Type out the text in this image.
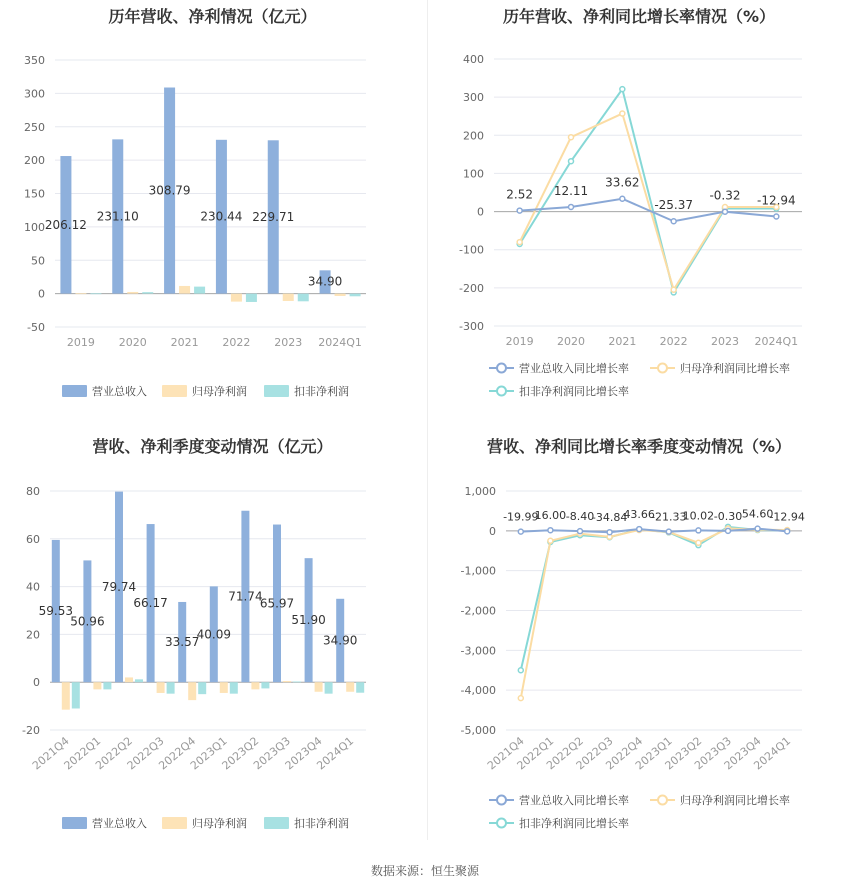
历年营收、净利情况（亿元）
350
300
250
200
150
100
50
0
-50
2019 2020 2021 2022 2023 2024Q1
206.12
231.10
308.79
230.44 229.71
34.90
营业总收入	归母净利润	扣非净利润
历年营收、净利同比增长率情况（%）
400
300
200
100
0
-100
-200
-300
2019 2020 2021 2022 2023 2024Q1
2.52 12.11
33.62
-25.37
-0.32 -12.94
营业总收入同比增长率	归母净利润同比增长率
扣非净利润同比增长率
营收、净利季度变动情况（亿元）
80
60
40
20
0
-20
2021Q4
2022Q1
2022Q2
2022Q3
2022Q4
2023Q1
2023Q2
2023Q3
2023Q4
2024Q1
59.53
50.96
79.74
66.17
33.57
40.09
71.74
65.97
51.90
34.90
营业总收入	归母净利润	扣非净利润
营收、净利同比增长率季度变动情况（%）
1,000
0
-1,000
-2,000
-3,000
-4,000
-5,000
2021Q4
2022Q1
2022Q2
2022Q3
2022Q4
2023Q1
2023Q2
2023Q3
2023Q4
2024Q1
-19.99
16.00 -8.40
-34.84
43.66
-21.33
10.02 -0.30 54.60
-12.94
营业总收入同比增长率	归母净利润同比增长率
扣非净利润同比增长率
数据来源：恒生聚源
